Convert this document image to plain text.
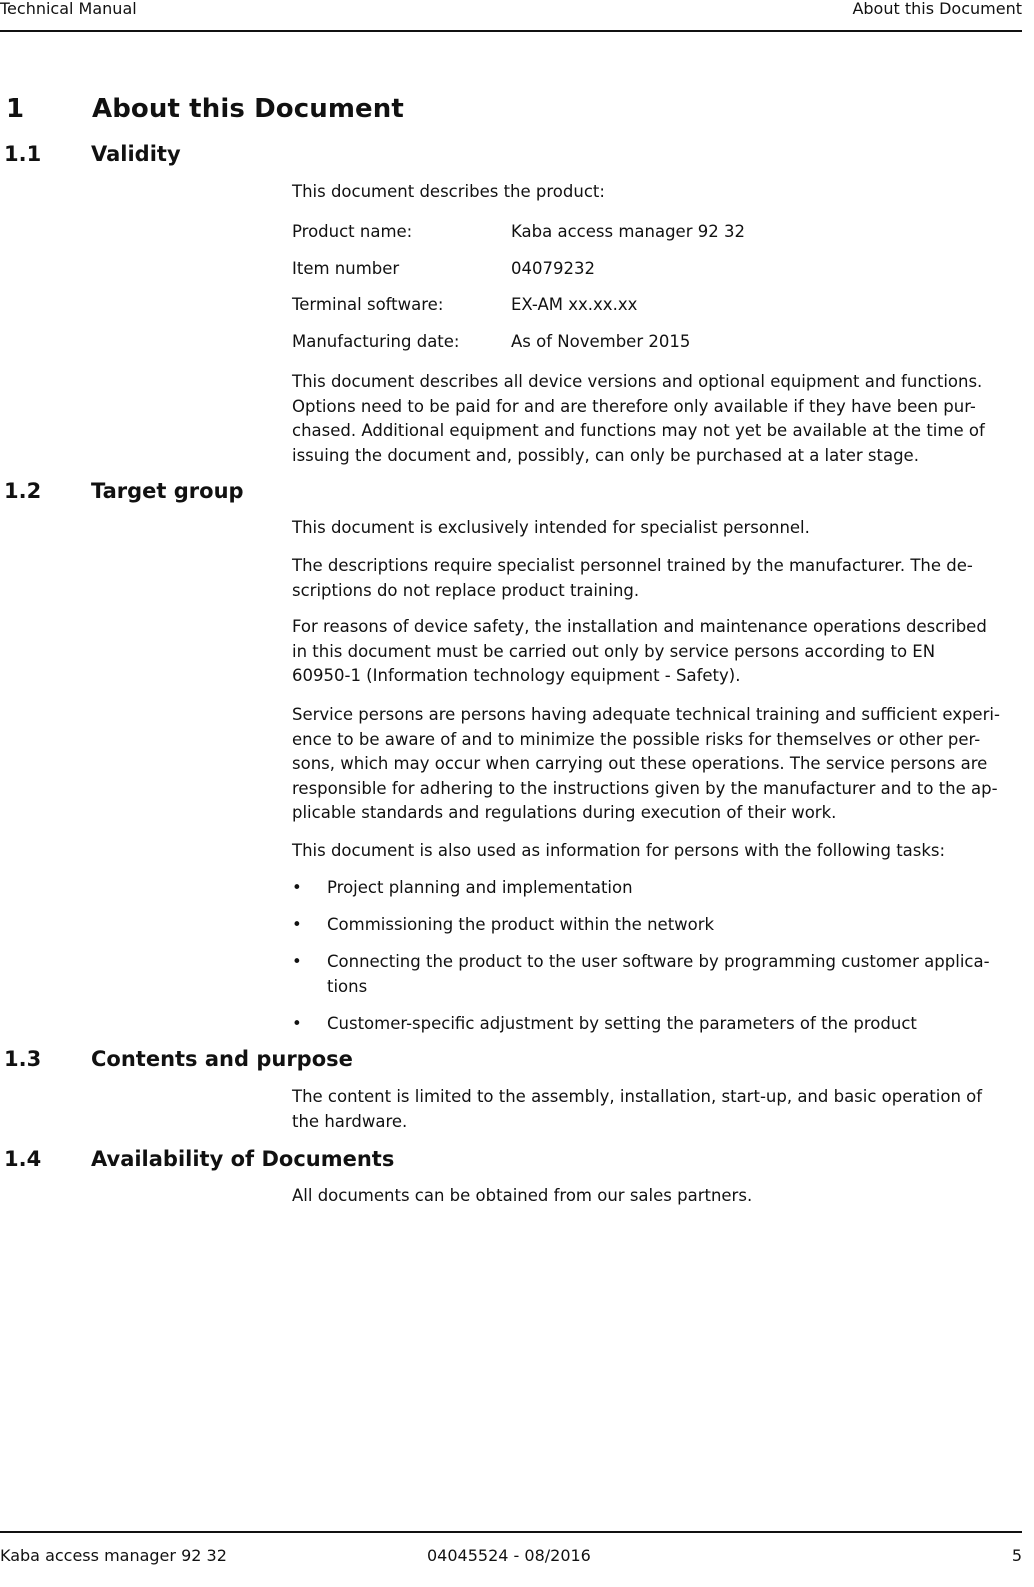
Technical Manual	About this Document
1	About this Document
1.1 Validity

This document describes the product:

Product name:	Kaba access manager 92 32
Item number	04079232
Terminal software:	EX-AM xx.xx.xx
Manufacturing date:	As of November 2015

This document describes all device versions and optional equipment and functions.

Options need to be paid for and are therefore only available if they have been pur-

chased. Additional equipment and functions may not yet be available at the time of

issuing the document and, possibly, can only be purchased at a later stage.

1.2 Target group

This document is exclusively intended for specialist personnel.

The descriptions require specialist personnel trained by the manufacturer. The de-

scriptions do not replace product training.

For reasons of device safety, the installation and maintenance operations described

in this document must be carried out only by service persons according to EN

60950-1 (Information technology equipment - Safety).

Service persons are persons having adequate technical training and sufficient experi-

ence to be aware of and to minimize the possible risks for themselves or other per-

sons, which may occur when carrying out these operations. The service persons are

responsible for adhering to the instructions given by the manufacturer and to the ap-

plicable standards and regulations during execution of their work.

This document is also used as information for persons with the following tasks:

• Project planning and implementation

• Commissioning the product within the network

• Connecting the product to the user software by programming customer applica-

tions

• Customer-specific adjustment by setting the parameters of the product

1.3 Contents and purpose

The content is limited to the assembly, installation, start-up, and basic operation of

the hardware.

1.4 Availability of Documents

All documents can be obtained from our sales partners.

Kaba access manager 92 32	04045524 - 08/2016	5
